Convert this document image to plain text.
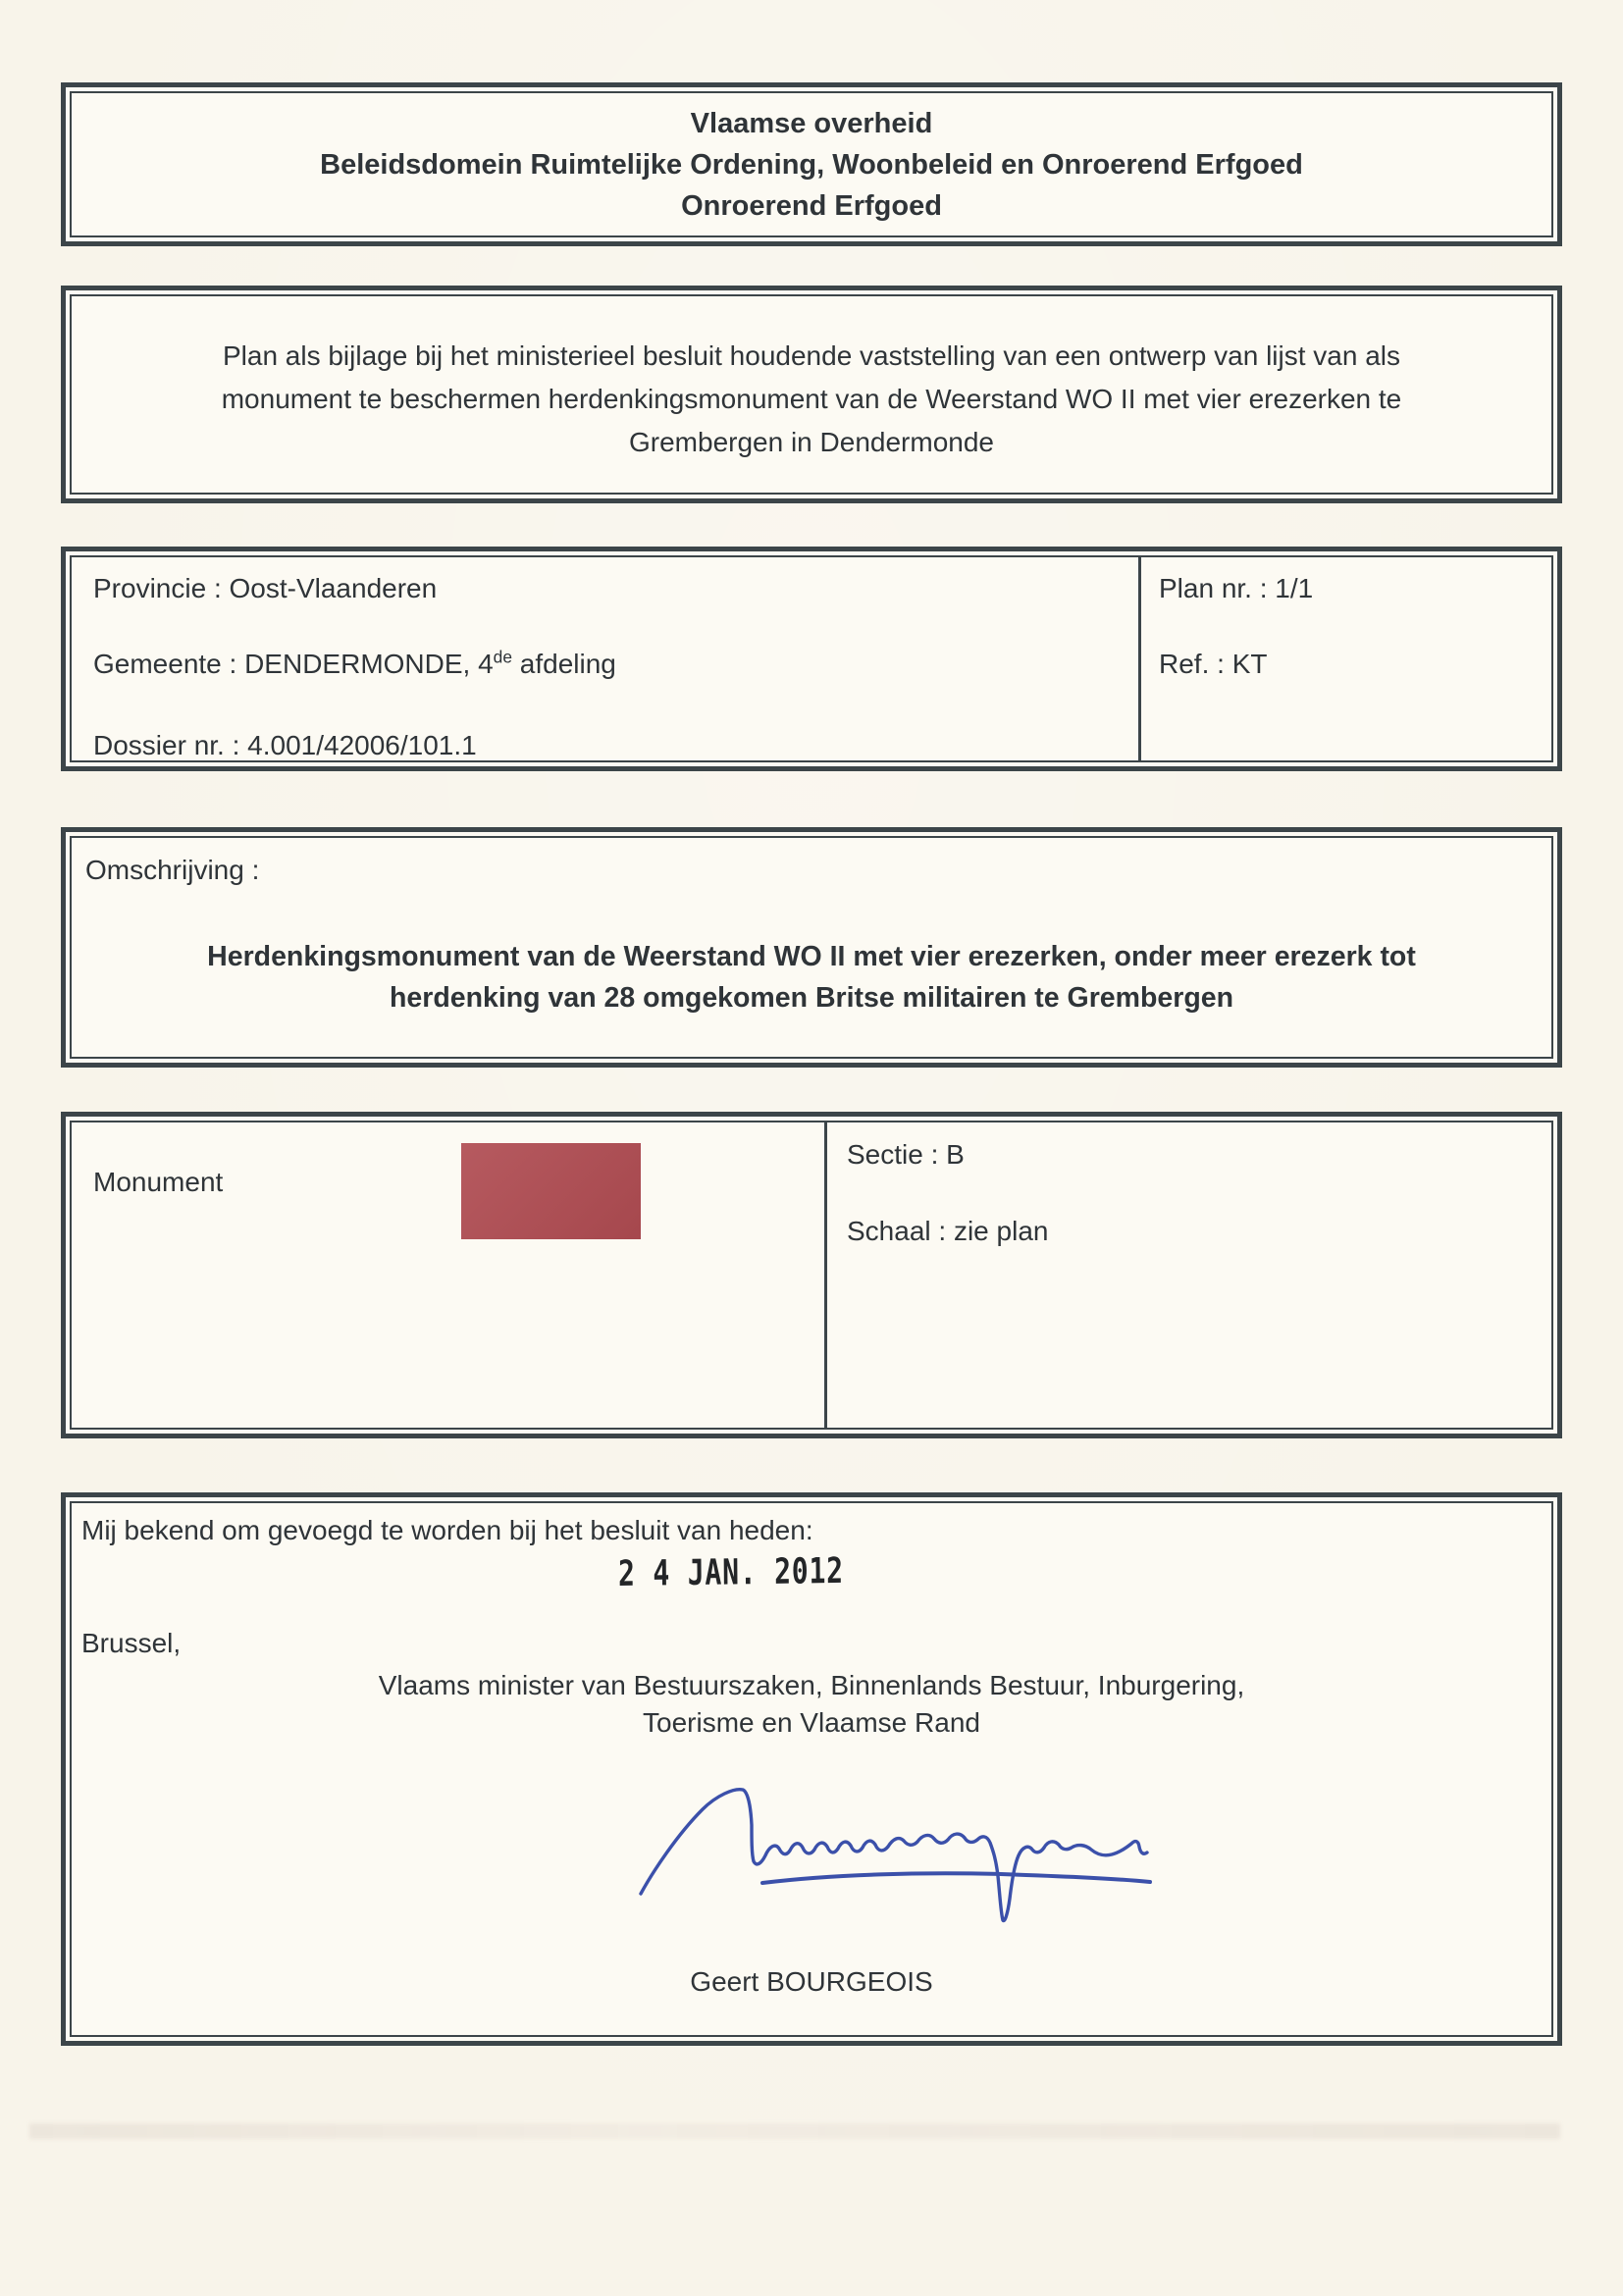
Vlaamse overheid
Beleidsdomein Ruimtelijke Ordening, Woonbeleid en Onroerend Erfgoed
Onroerend Erfgoed
Plan als bijlage bij het ministerieel besluit houdende vaststelling van een ontwerp van lijst van als
monument te beschermen herdenkingsmonument van de Weerstand WO II met vier erezerken te
Grembergen in Dendermonde
Provincie : Oost-Vlaanderen
Gemeente : DENDERMONDE, 4de afdeling
Dossier nr. : 4.001/42006/101.1
Plan nr. : 1/1
Ref. : KT
Omschrijving :
Herdenkingsmonument van de Weerstand WO II met vier erezerken, onder meer erezerk tot
herdenking van 28 omgekomen Britse militairen te Grembergen
Monument
Sectie : B
Schaal : zie plan
Mij bekend om gevoegd te worden bij het besluit van heden:
2 4 JAN. 2012
Brussel,
Vlaams minister van Bestuurszaken, Binnenlands Bestuur, Inburgering,
Toerisme en Vlaamse Rand
Geert BOURGEOIS
